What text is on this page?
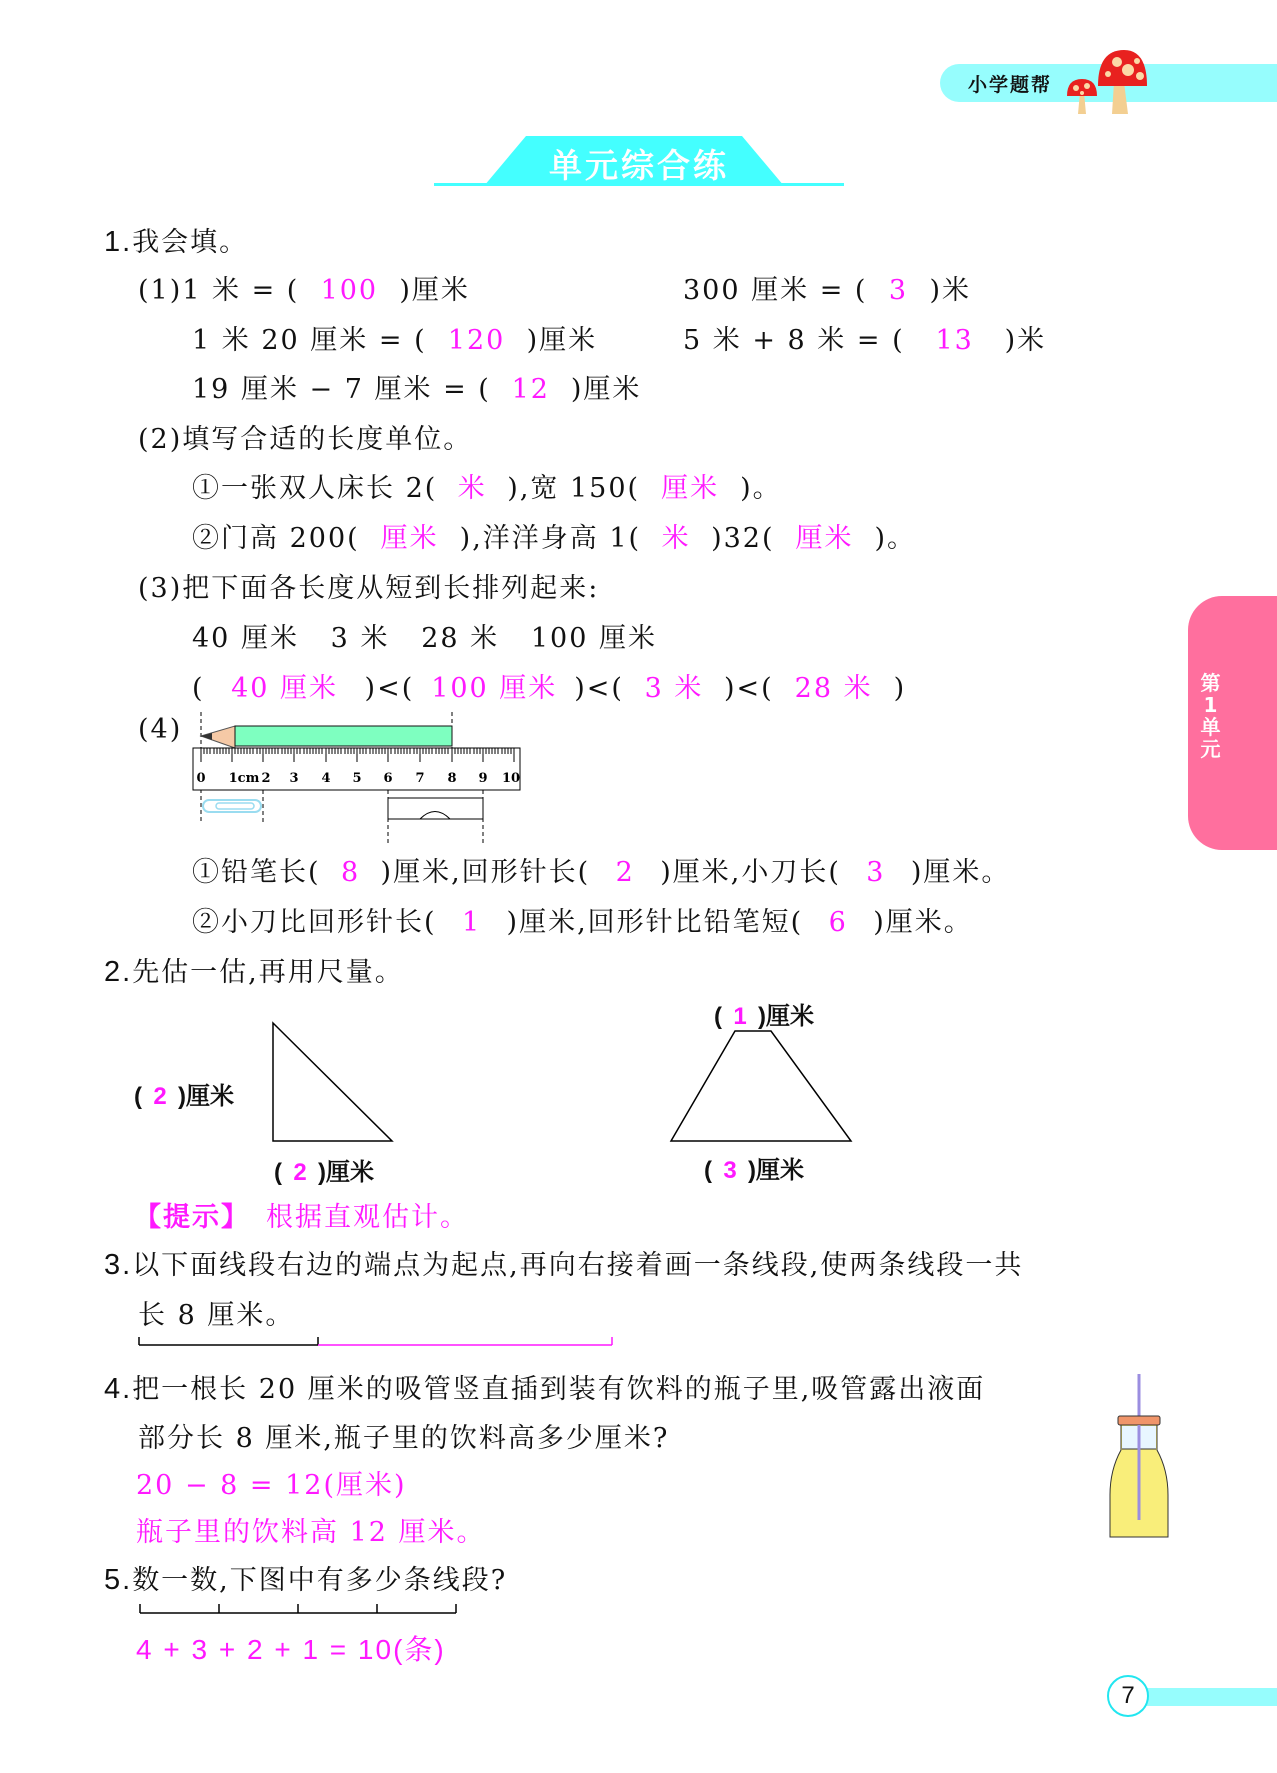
小学题帮
单元综合练
第
1
单
元
1.我会填。
(1)1 米 = ( 100 )厘米	300 厘米 = ( 3 )米
1 米 20 厘米 = ( 120 )厘米	5 米 + 8 米 = ( 13 )米
19 厘米 − 7 厘米 = ( 12 )厘米
(2)填写合适的长度单位。
①一张双人床长 2( 米 ),宽 150( 厘米 )。
②门高 200( 厘米 ),洋洋身高 1( 米 )32( 厘米 )。
(3)把下面各长度从短到长排列起来:
40 厘米   3 米   28 米   100 厘米
( 40 厘米 )<( 100 厘米 )<( 3 米 )<( 28 米 )
(4)
0 1cm 2 3 4 5 6 7 8 9 10
①铅笔长( 8 )厘米,回形针长( 2 )厘米,小刀长( 3 )厘米。
②小刀比回形针长( 1 )厘米,回形针比铅笔短( 6 )厘米。
2.先估一估,再用尺量。
( 2 )厘米
( 2 )厘米
( 1 )厘米
( 3 )厘米
【提示】 根据直观估计。
3.以下面线段右边的端点为起点,再向右接着画一条线段,使两条线段一共
长 8 厘米。
4.把一根长 20 厘米的吸管竖直插到装有饮料的瓶子里,吸管露出液面
部分长 8 厘米,瓶子里的饮料高多少厘米?
20 − 8 = 12(厘米)
瓶子里的饮料高 12 厘米。
5.数一数,下图中有多少条线段?
4 + 3 + 2 + 1 = 10(条)
7
